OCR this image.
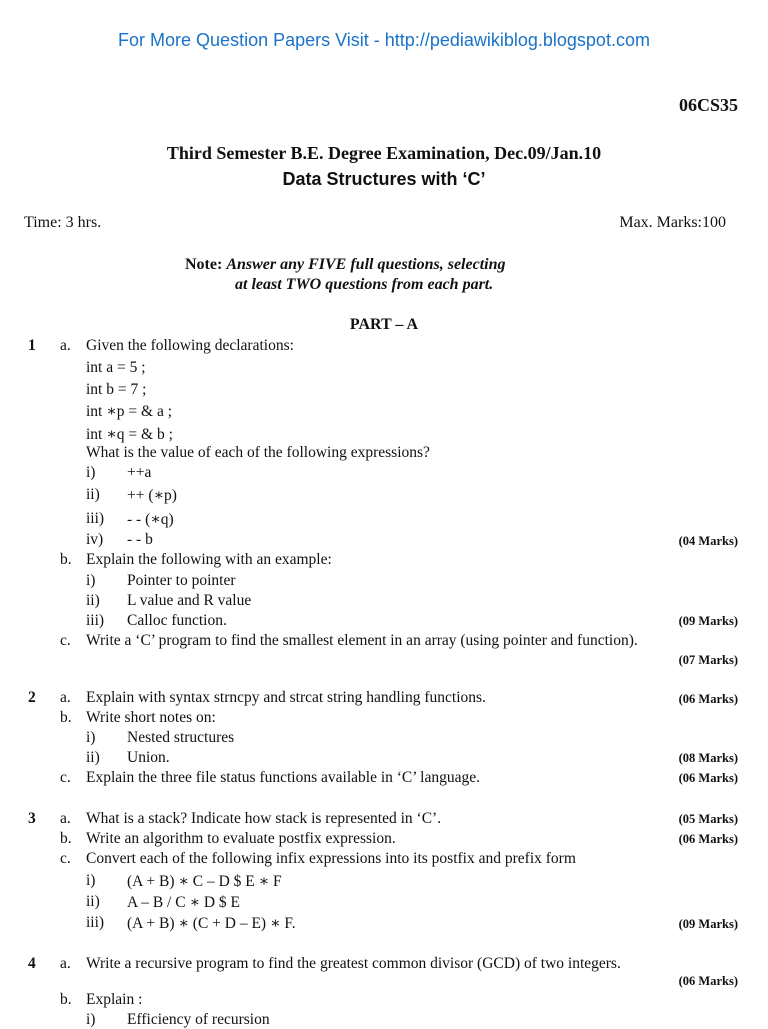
For More Question Papers Visit - http://pediawikiblog.blogspot.com
06CS35
Third Semester B.E. Degree Examination, Dec.09/Jan.10
Data Structures with ‘C’
Time: 3 hrs.	Max. Marks:100
Note: Answer any FIVE full questions, selecting
at least TWO questions from each part.
PART – A
1 a. Given the following declarations:
int a = 5 ;
int b = 7 ;
int ∗p = & a ;
int ∗q = & b ;
What is the value of each of the following expressions?
i) ++a
ii) ++ (∗p)
iii) - - (∗q)
iv) - - b	(04 Marks)
b. Explain the following with an example:
i) Pointer to pointer
ii) L value and R value
iii) Calloc function.	(09 Marks)
c. Write a ‘C’ program to find the smallest element in an array (using pointer and function).
(07 Marks)
2 a. Explain with syntax strncpy and strcat string handling functions.	(06 Marks)
b. Write short notes on:
i) Nested structures
ii) Union.	(08 Marks)
c. Explain the three file status functions available in ‘C’ language.	(06 Marks)
3 a. What is a stack? Indicate how stack is represented in ‘C’.	(05 Marks)
b. Write an algorithm to evaluate postfix expression.	(06 Marks)
c. Convert each of the following infix expressions into its postfix and prefix form
i) (A + B) ∗ C – D $ E ∗ F
ii) A – B / C ∗ D $ E
iii) (A + B) ∗ (C + D – E) ∗ F.	(09 Marks)
4 a. Write a recursive program to find the greatest common divisor (GCD) of two integers.
(06 Marks)
b. Explain :
i) Efficiency of recursion
